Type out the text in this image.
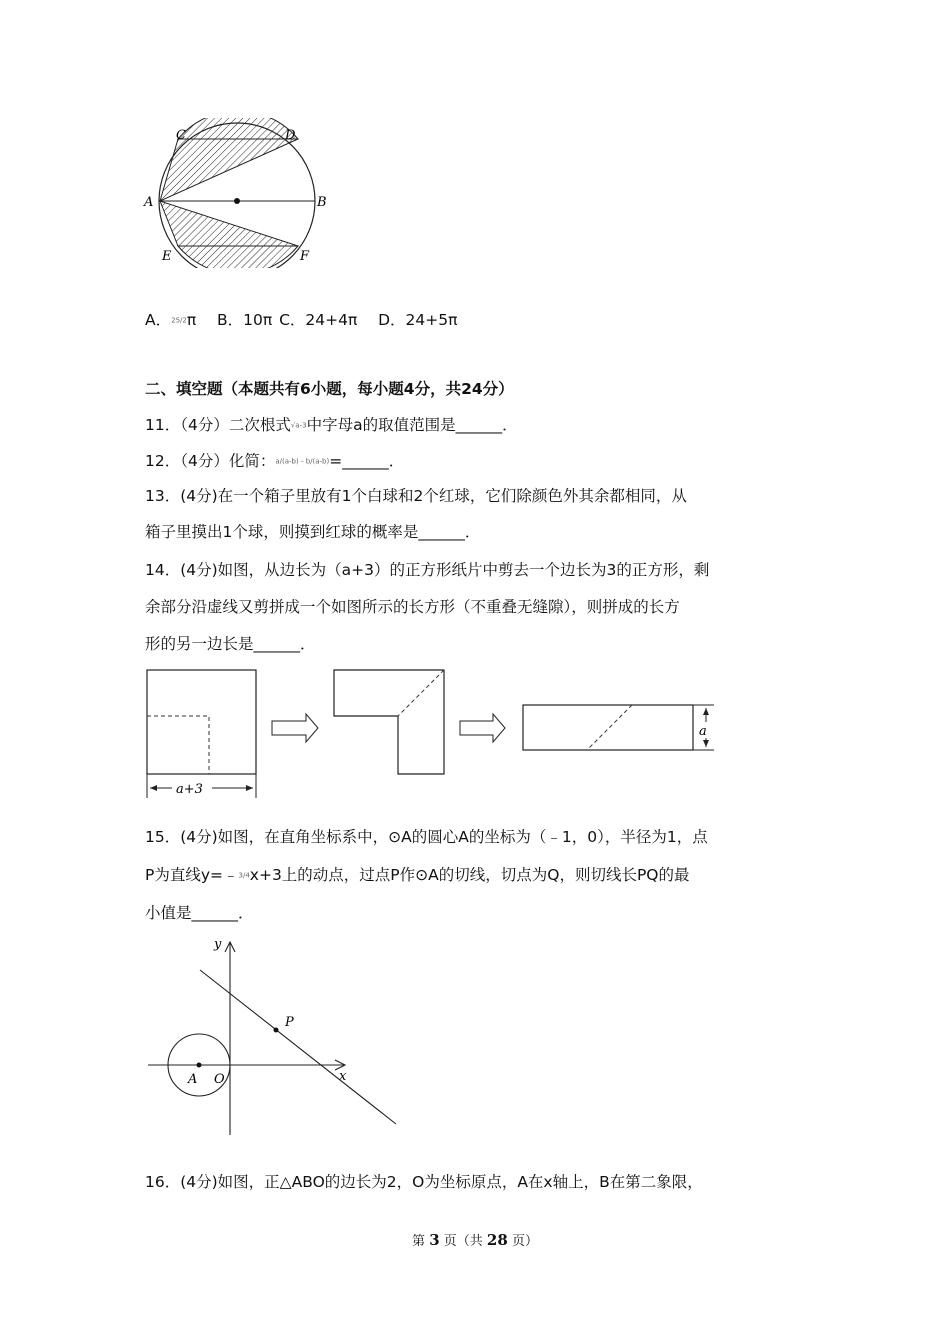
C	D
A	B
E	F
A．25/2π B．10π C．24+4π D．24+5π
二、填空题（本题共有6小题，每小题4分，共24分）
11．（4分）二次根式√a-3中字母a的取值范围是______．
12．（4分）化简：a/(a-b) - b/(a-b)=______．
13．(4分)在一个箱子里放有1个白球和2个红球，它们除颜色外其余都相同，从
箱子里摸出1个球，则摸到红球的概率是______．
14．(4分)如图，从边长为（a+3）的正方形纸片中剪去一个边长为3的正方形，剩
余部分沿虚线又剪拼成一个如图所示的长方形（不重叠无缝隙），则拼成的长方
形的另一边长是______．
a+3
a
15．(4分)如图，在直角坐标系中，⊙A的圆心A的坐标为（﹣1，0），半径为1，点
P为直线y=﹣3/4x+3上的动点，过点P作⊙A的切线，切点为Q，则切线长PQ的最
小值是______．
y
x
P
A O
16．(4分)如图，正△ABO的边长为2，O为坐标原点，A在x轴上，B在第二象限，
第 3 页（共 28 页）
